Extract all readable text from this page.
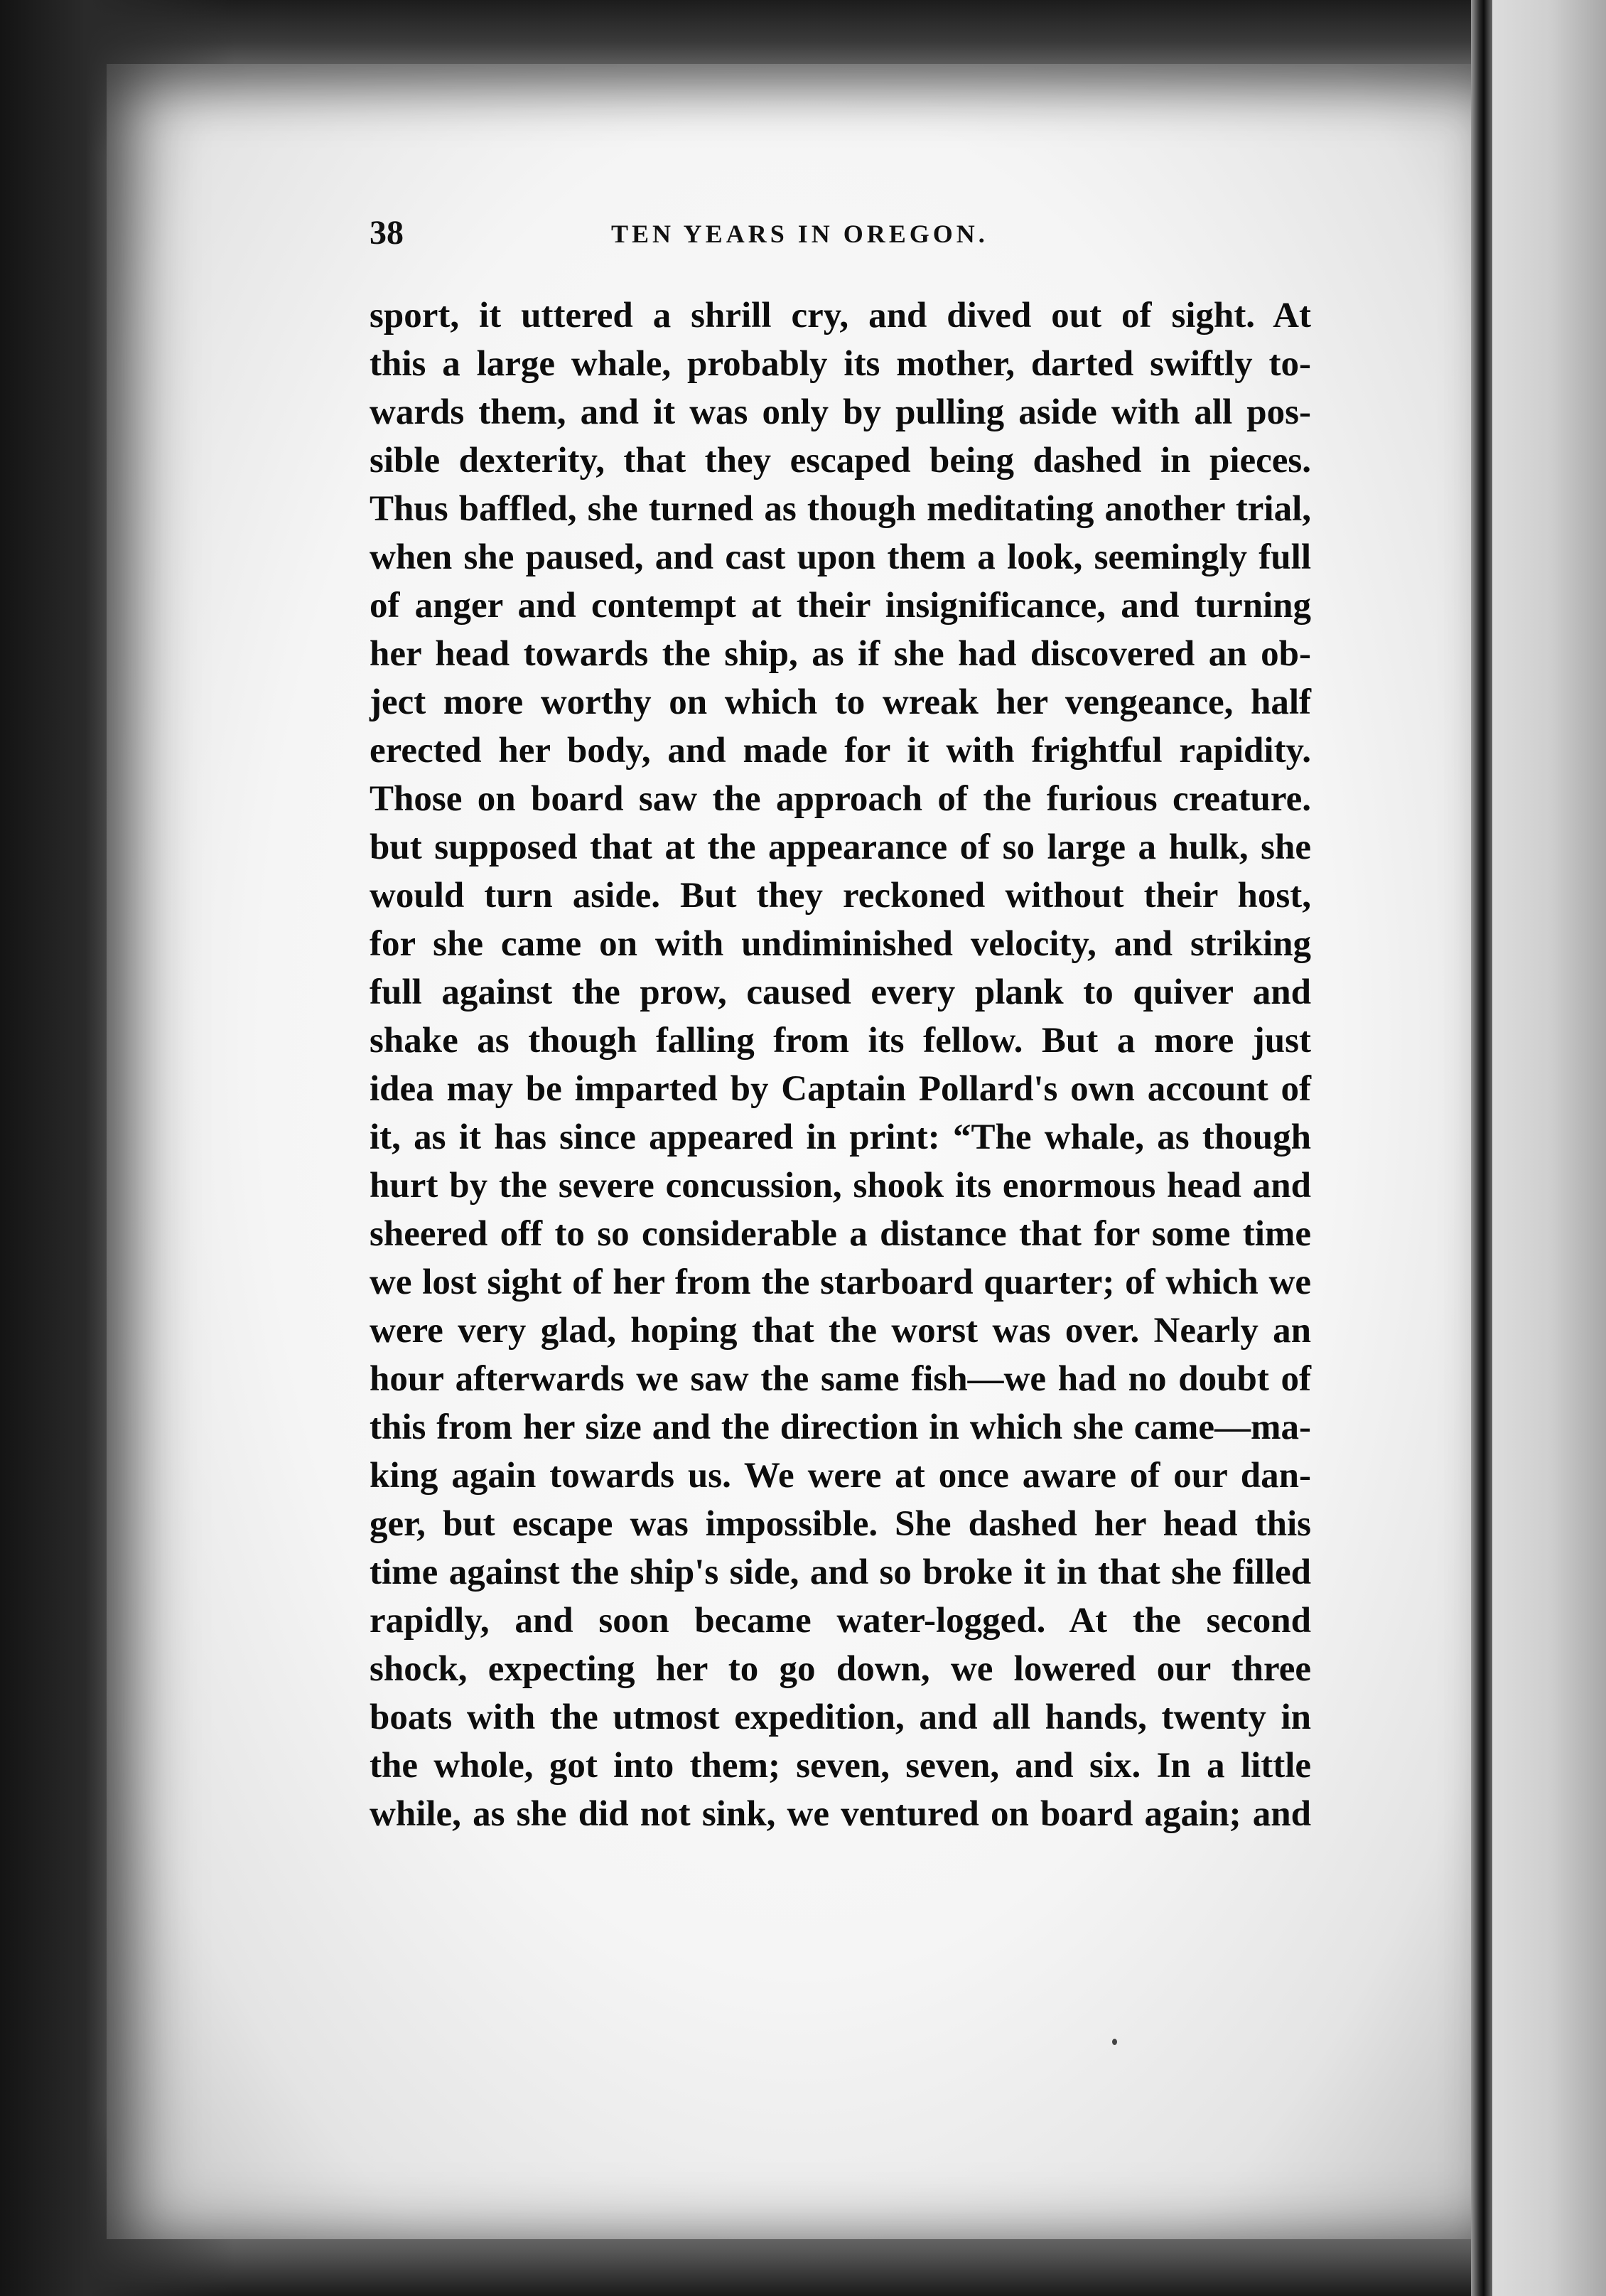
38	TEN YEARS IN OREGON.
sport, it uttered a shrill cry, and dived out of sight. At
this a large whale, probably its mother, darted swiftly to-
wards them, and it was only by pulling aside with all pos-
sible dexterity, that they escaped being dashed in pieces.
Thus baffled, she turned as though meditating another trial,
when she paused, and cast upon them a look, seemingly full
of anger and contempt at their insignificance, and turning
her head towards the ship, as if she had discovered an ob-
ject more worthy on which to wreak her vengeance, half
erected her body, and made for it with frightful rapidity.
Those on board saw the approach of the furious creature.
but supposed that at the appearance of so large a hulk, she
would turn aside. But they reckoned without their host,
for she came on with undiminished velocity, and striking
full against the prow, caused every plank to quiver and
shake as though falling from its fellow. But a more just
idea may be imparted by Captain Pollard's own account of
it, as it has since appeared in print: “The whale, as though
hurt by the severe concussion, shook its enormous head and
sheered off to so considerable a distance that for some time
we lost sight of her from the starboard quarter; of which we
were very glad, hoping that the worst was over. Nearly an
hour afterwards we saw the same fish—we had no doubt of
this from her size and the direction in which she came—ma-
king again towards us. We were at once aware of our dan-
ger, but escape was impossible. She dashed her head this
time against the ship's side, and so broke it in that she filled
rapidly, and soon became water-logged. At the second
shock, expecting her to go down, we lowered our three
boats with the utmost expedition, and all hands, twenty in
the whole, got into them; seven, seven, and six. In a little
while, as she did not sink, we ventured on board again; and
